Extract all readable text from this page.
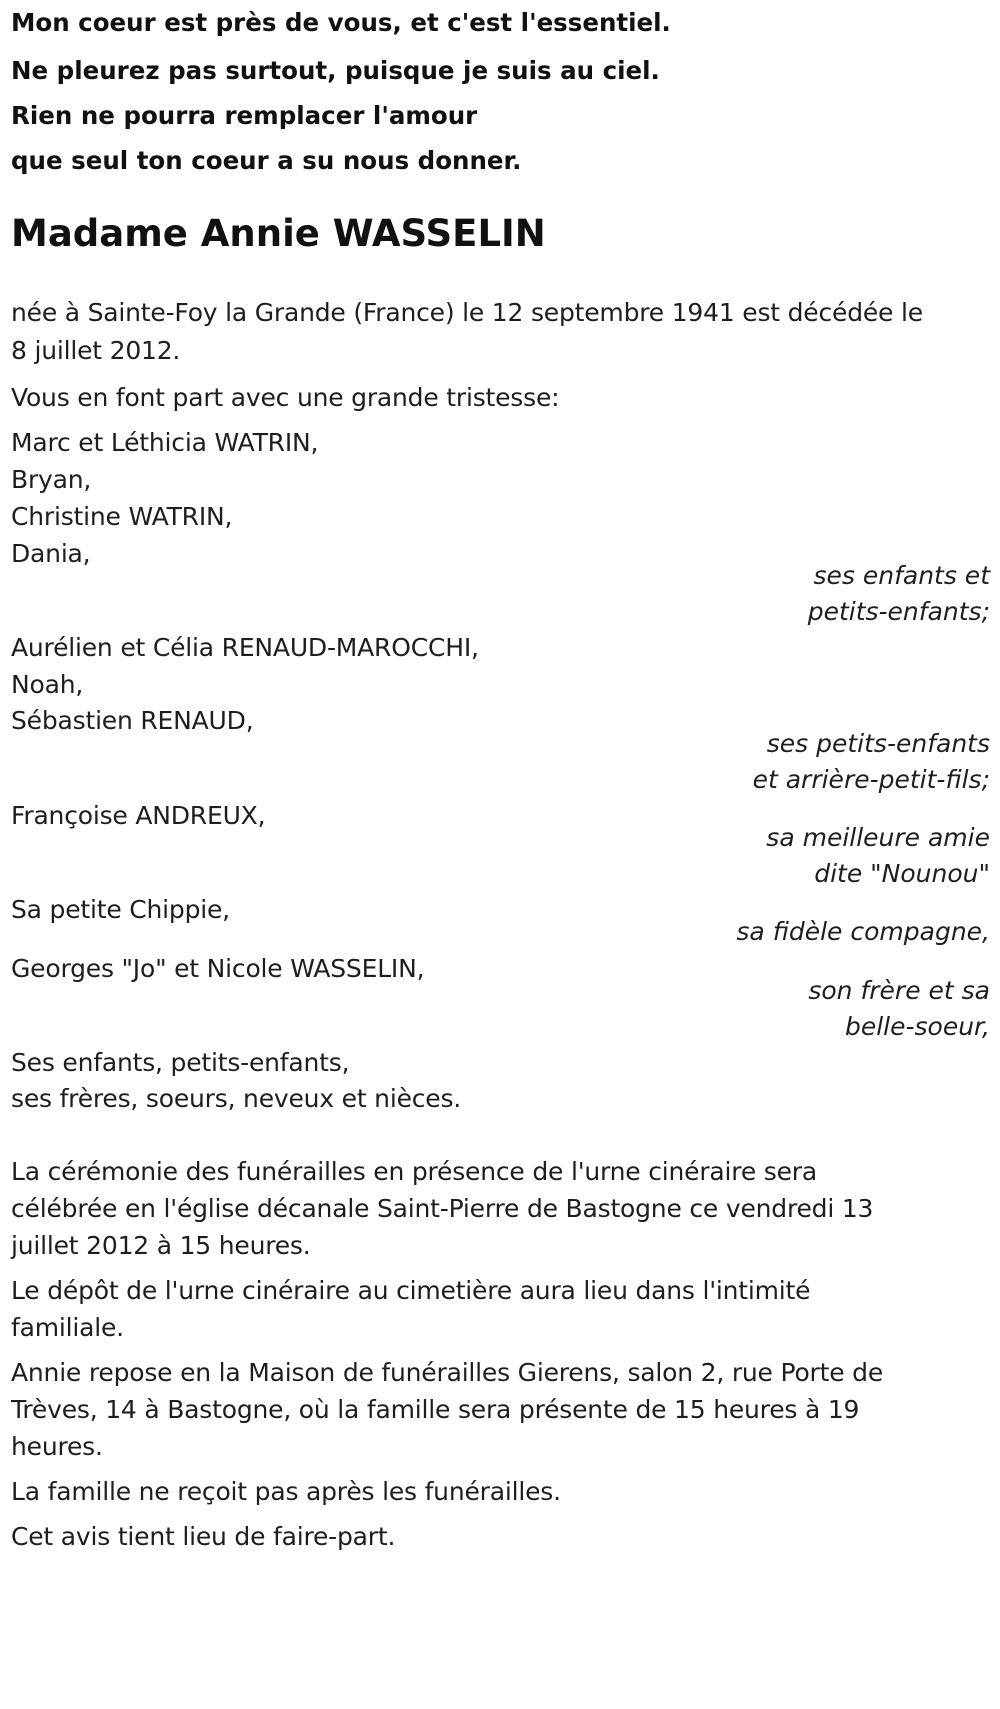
Mon coeur est près de vous, et c'est l'essentiel.
Ne pleurez pas surtout, puisque je suis au ciel.
Rien ne pourra remplacer l'amour
que seul ton coeur a su nous donner.
Madame Annie WASSELIN
née à Sainte-Foy la Grande (France) le 12 septembre 1941 est décédée le
8 juillet 2012.
Vous en font part avec une grande tristesse:
Marc et Léthicia WATRIN,
Bryan,
Christine WATRIN,
Dania,
ses enfants et
petits-enfants;
Aurélien et Célia RENAUD-MAROCCHI,
Noah,
Sébastien RENAUD,
ses petits-enfants
et arrière-petit-fils;
Françoise ANDREUX,
sa meilleure amie
dite "Nounou"
Sa petite Chippie,
sa fidèle compagne,
Georges "Jo" et Nicole WASSELIN,
son frère et sa
belle-soeur,
Ses enfants, petits-enfants,
ses frères, soeurs, neveux et nièces.
La cérémonie des funérailles en présence de l'urne cinéraire sera
célébrée en l'église décanale Saint-Pierre de Bastogne ce vendredi 13
juillet 2012 à 15 heures.
Le dépôt de l'urne cinéraire au cimetière aura lieu dans l'intimité
familiale.
Annie repose en la Maison de funérailles Gierens, salon 2, rue Porte de
Trèves, 14 à Bastogne, où la famille sera présente de 15 heures à 19
heures.
La famille ne reçoit pas après les funérailles.
Cet avis tient lieu de faire-part.
